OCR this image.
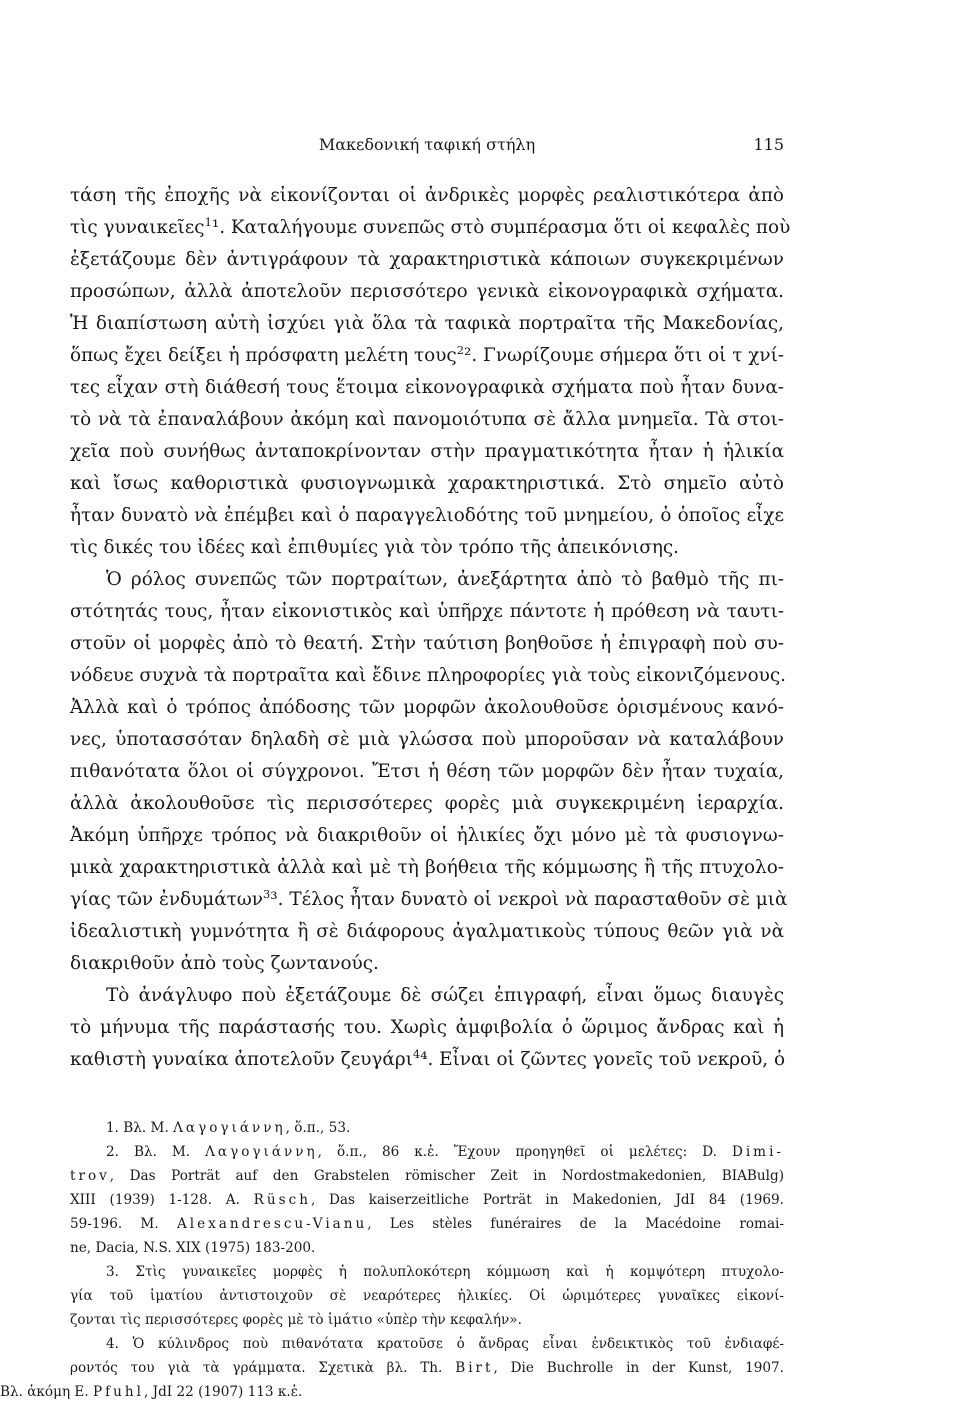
Μακεδονική ταφική στήλη	115
τάση τῆς ἐποχῆς νὰ εἰκονίζονται οἱ ἀνδρικὲς μορφὲς ρεαλιστικότερα ἀπὸ
τὶς γυναικεῖες$^1$¹. Καταλήγουμε συνεπῶς στὸ συμπέρασμα ὅτι οἱ κεφαλὲς ποὺ
ἐξετάζουμε δὲν ἀντιγράφουν τὰ χαρακτηριστικὰ κάποιων συγκεκριμένων
προσώπων, ἀλλὰ ἀποτελοῦν περισσότερο γενικὰ εἰκονογραφικὰ σχήματα.
Ἡ διαπίστωση αὐτὴ ἰσχύει γιὰ ὅλα τὰ ταφικὰ πορτραῖτα τῆς Μακεδονίας,
ὅπως ἔχει δείξει ἡ πρόσφατη μελέτη τους$^2$². Γνωρίζουμε σήμερα ὅτι οἱ τ χνί-
τες εἶχαν στὴ διάθεσή τους ἕτοιμα εἰκονογραφικὰ σχήματα ποὺ ἦταν δυνα-
τὸ νὰ τὰ ἐπαναλάβουν ἀκόμη καὶ πανομοιότυπα σὲ ἄλλα μνημεῖα. Τὰ στοι-
χεῖα ποὺ συνήθως ἀνταποκρίνονταν στὴν πραγματικότητα ἦταν ἡ ἡλικία
καὶ ἴσως καθοριστικὰ φυσιογνωμικὰ χαρακτηριστικά. Στὸ σημεῖο αὐτὸ
ἦταν δυνατὸ νὰ ἐπέμβει καὶ ὁ παραγγελιοδότης τοῦ μνημείου, ὁ ὁποῖος εἶχε
τὶς δικές του ἰδέες καὶ ἐπιθυμίες γιὰ τὸν τρόπο τῆς ἀπεικόνισης.
Ὁ ρόλος συνεπῶς τῶν πορτραίτων, ἀνεξάρτητα ἀπὸ τὸ βαθμὸ τῆς πι-
στότητάς τους, ἦταν εἰκονιστικὸς καὶ ὑπῆρχε πάντοτε ἡ πρόθεση νὰ ταυτι-
στοῦν οἱ μορφὲς ἀπὸ τὸ θεατή. Στὴν ταύτιση βοηθοῦσε ἡ ἐπιγραφὴ ποὺ συ-
νόδευε συχνὰ τὰ πορτραῖτα καὶ ἔδινε πληροφορίες γιὰ τοὺς εἰκονιζόμενους.
Ἀλλὰ καὶ ὁ τρόπος ἀπόδοσης τῶν μορφῶν ἀκολουθοῦσε ὁρισμένους κανό-
νες, ὑποτασσόταν δηλαδὴ σὲ μιὰ γλώσσα ποὺ μποροῦσαν νὰ καταλάβουν
πιθανότατα ὅλοι οἱ σύγχρονοι. Ἔτσι ἡ θέση τῶν μορφῶν δὲν ἦταν τυχαία,
ἀλλὰ ἀκολουθοῦσε τὶς περισσότερες φορὲς μιὰ συγκεκριμένη ἱεραρχία.
Ἀκόμη ὑπῆρχε τρόπος νὰ διακριθοῦν οἱ ἡλικίες ὄχι μόνο μὲ τὰ φυσιογνω-
μικὰ χαρακτηριστικὰ ἀλλὰ καὶ μὲ τὴ βοήθεια τῆς κόμμωσης ἢ τῆς πτυχολο-
γίας τῶν ἐνδυμάτων$^3$³. Τέλος ἦταν δυνατὸ οἱ νεκροὶ νὰ παρασταθοῦν σὲ μιὰ
ἰδεαλιστικὴ γυμνότητα ἢ σὲ διάφορους ἀγαλματικοὺς τύπους θεῶν γιὰ νὰ
διακριθοῦν ἀπὸ τοὺς ζωντανούς.
Τὸ ἀνάγλυφο ποὺ ἐξετάζουμε δὲ σώζει ἐπιγραφή, εἶναι ὅμως διαυγὲς
τὸ μήνυμα τῆς παράστασής του. Χωρὶς ἀμφιβολία ὁ ὥριμος ἄνδρας καὶ ἡ
καθιστὴ γυναίκα ἀποτελοῦν ζευγάρι$^4$⁴. Εἶναι οἱ ζῶντες γονεῖς τοῦ νεκροῦ, ὁ
1. Βλ. Μ. Λαγογιάννη, ὅ.π., 53.
2. Βλ. Μ. Λαγογιάννη, ὅ.π., 86 κ.ἑ. Ἔχουν προηγηθεῖ οἱ μελέτες: D. Dimi-
trov, Das Porträt auf den Grabstelen römischer Zeit in Nordostmakedonien, BIABulg)
XIII (1939) 1-128. A. Rüsch, Das kaiserzeitliche Porträt in Makedonien, JdI 84 (1969.
59-196. M. Alexandrescu-Vianu, Les stèles funéraires de la Macédoine romai-
ne, Dacia, N.S. XIX (1975) 183-200.
3. Στὶς γυναικεῖες μορφὲς ἡ πολυπλοκότερη κόμμωση καὶ ἡ κομψότερη πτυχολο-
γία τοῦ ἱματίου ἀντιστοιχοῦν σὲ νεαρότερες ἡλικίες. Οἱ ὡριμότερες γυναῖκες εἰκονί-
ζονται τὶς περισσότερες φορὲς μὲ τὸ ἱμάτιο «ὑπὲρ τὴν κεφαλήν».
4. Ὁ κύλινδρος ποὺ πιθανότατα κρατοῦσε ὁ ἄνδρας εἶναι ἐνδεικτικὸς τοῦ ἐνδιαφέ-
ροντός του γιὰ τὰ γράμματα. Σχετικὰ βλ. Th. Birt, Die Buchrolle in der Kunst, 1907.
Βλ. ἀκόμη E. Pfuhl, JdI 22 (1907) 113 κ.ἑ.
